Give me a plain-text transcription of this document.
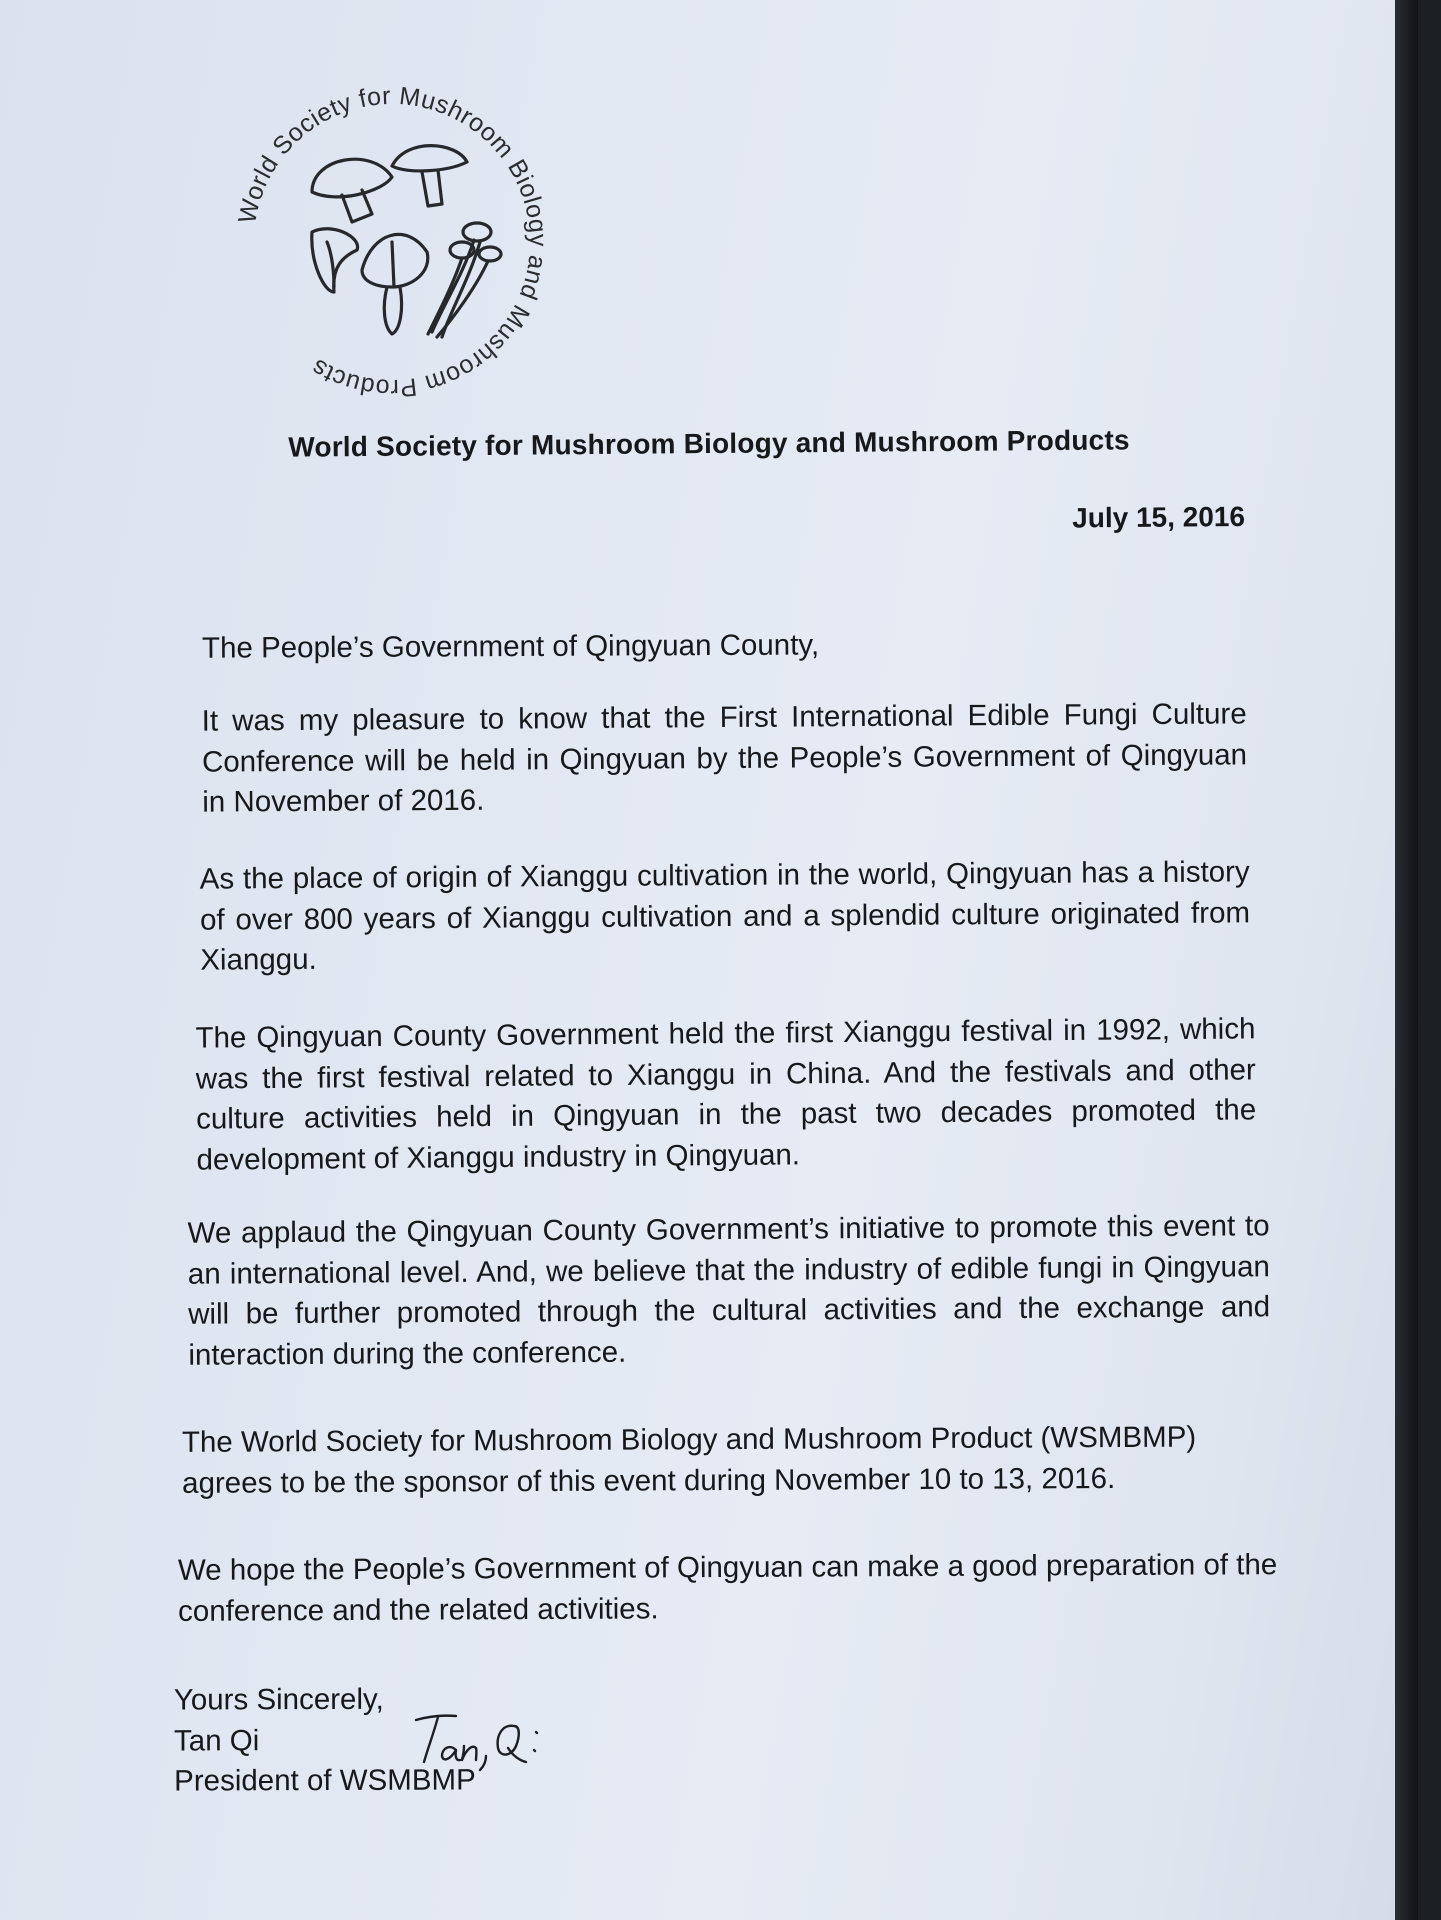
World Society for Mushroom Biology and Mushroom Products
World Society for Mushroom Biology and Mushroom Products
July 15, 2016
The People’s Government of Qingyuan County,

It was my pleasure to know that the First International Edible Fungi Culture Conference will be held in Qingyuan by the People’s Government of Qingyuan in November of 2016.

As the place of origin of Xianggu cultivation in the world, Qingyuan has a history of over 800 years of Xianggu cultivation and a splendid culture originated from Xianggu.

The Qingyuan County Government held the first Xianggu festival in 1992, which was the first festival related to Xianggu in China. And the festivals and other culture activities held in Qingyuan in the past two decades promoted the development of Xianggu industry in Qingyuan.

We applaud the Qingyuan County Government’s initiative to promote this event to an international level. And, we believe that the industry of edible fungi in Qingyuan will be further promoted through the cultural activities and the exchange and interaction during the conference.

The World Society for Mushroom Biology and Mushroom Product (WSMBMP) agrees to be the sponsor of this event during November 10 to 13, 2016.

We hope the People’s Government of Qingyuan can make a good preparation of the conference and the related activities.

Yours Sincerely,
Tan Qi
President of WSMBMP
